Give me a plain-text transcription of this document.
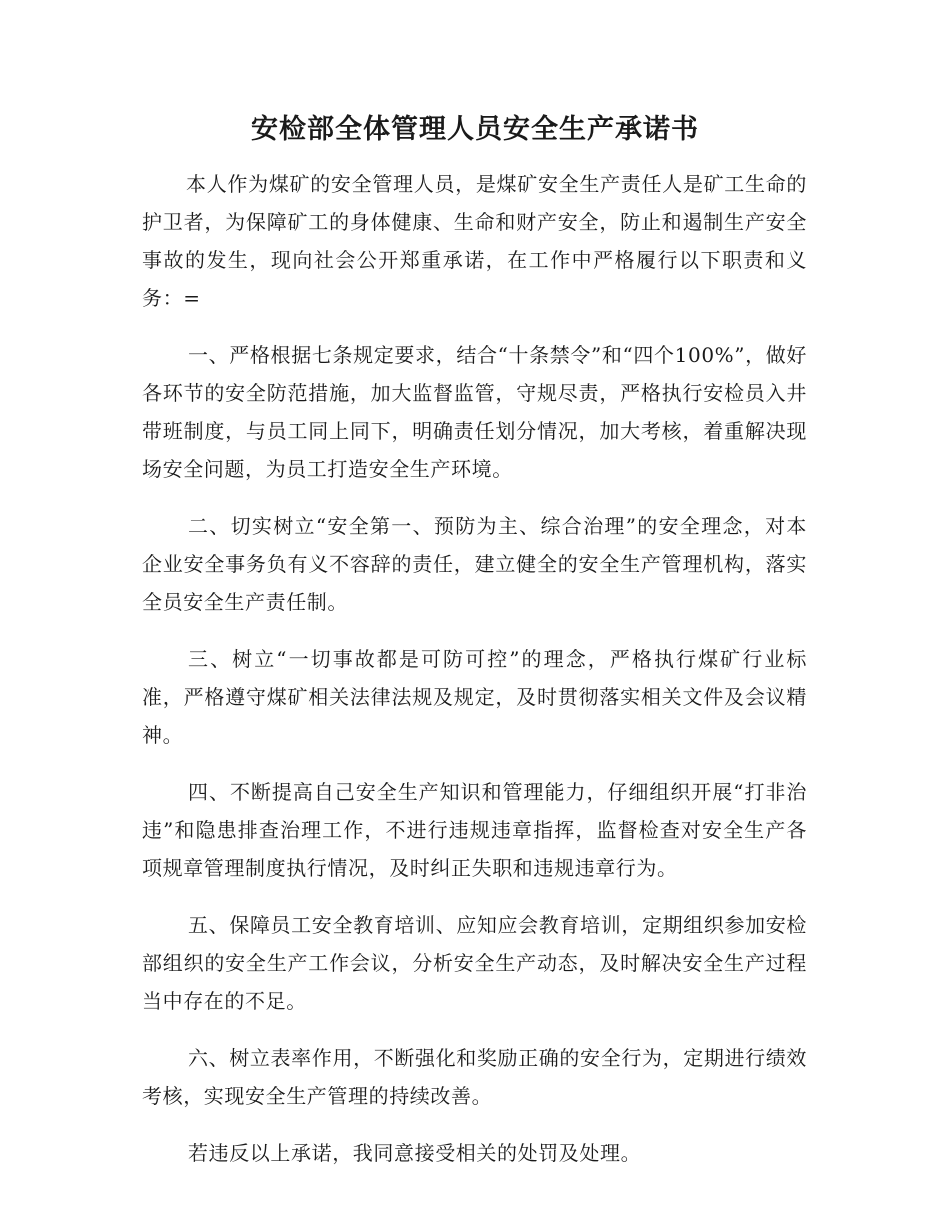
安检部全体管理人员安全生产承诺书

本人作为煤矿的安全管理人员，是煤矿安全生产责任人是矿工生命的护卫者，为保障矿工的身体健康、生命和财产安全，防止和遏制生产安全事故的发生，现向社会公开郑重承诺，在工作中严格履行以下职责和义务：=

一、严格根据七条规定要求，结合“十条禁令”和“四个100%”，做好各环节的安全防范措施，加大监督监管，守规尽责，严格执行安检员入井带班制度，与员工同上同下，明确责任划分情况，加大考核，着重解决现场安全问题，为员工打造安全生产环境。

二、切实树立“安全第一、预防为主、综合治理”的安全理念，对本企业安全事务负有义不容辞的责任，建立健全的安全生产管理机构，落实全员安全生产责任制。

三、树立“一切事故都是可防可控”的理念，严格执行煤矿行业标准，严格遵守煤矿相关法律法规及规定，及时贯彻落实相关文件及会议精神。

四、不断提高自己安全生产知识和管理能力，仔细组织开展“打非治违”和隐患排查治理工作，不进行违规违章指挥，监督检查对安全生产各项规章管理制度执行情况，及时纠正失职和违规违章行为。

五、保障员工安全教育培训、应知应会教育培训，定期组织参加安检部组织的安全生产工作会议，分析安全生产动态，及时解决安全生产过程当中存在的不足。

六、树立表率作用，不断强化和奖励正确的安全行为，定期进行绩效考核，实现安全生产管理的持续改善。

若违反以上承诺，我同意接受相关的处罚及处理。
